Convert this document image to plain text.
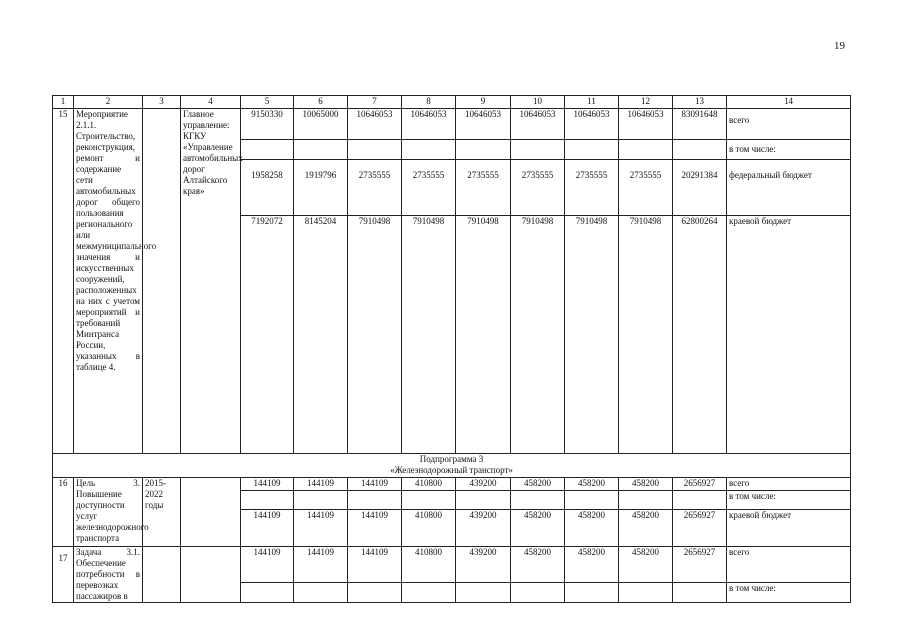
19
1	2	3	4	5	6	7	8	9	10	11	12	13	14
15	Мероприятие 2.1.1. Строительство, реконструкция, ремонт и содержание сети автомобильных дорог общего пользования регионального или межмуниципального значения и искусственных сооружений, расположенных на них с учетом мероприятий и требований Минтранса России, указанных в таблице 4.		Главное управление: КГКУ «Управление автомобильных дорог Алтайского края»	9150330	10065000	10646053	10646053	10646053	10646053	10646053	10646053	83091648	всего
													в том числе:
				1958258	1919796	2735555	2735555	2735555	2735555	2735555	2735555	20291384	федеральный бюджет
				7192072	8145204	7910498	7910498	7910498	7910498	7910498	7910498	62800264	краевой бюджет

Подпрограмма 3
«Железнодорожный транспорт»													

16	Цель 3. Повышение доступности услуг железнодорожного транспорта	2015-2022 годы		144109	144109	144109	410800	439200	458200	458200	458200	2656927	всего
													в том числе:
				144109	144109	144109	410800	439200	458200	458200	458200	2656927	краевой бюджет
17	Задача 3.1. Обеспечение потребности в перевозках пассажиров в			144109	144109	144109	410800	439200	458200	458200	458200	2656927	всего
													в том числе:
